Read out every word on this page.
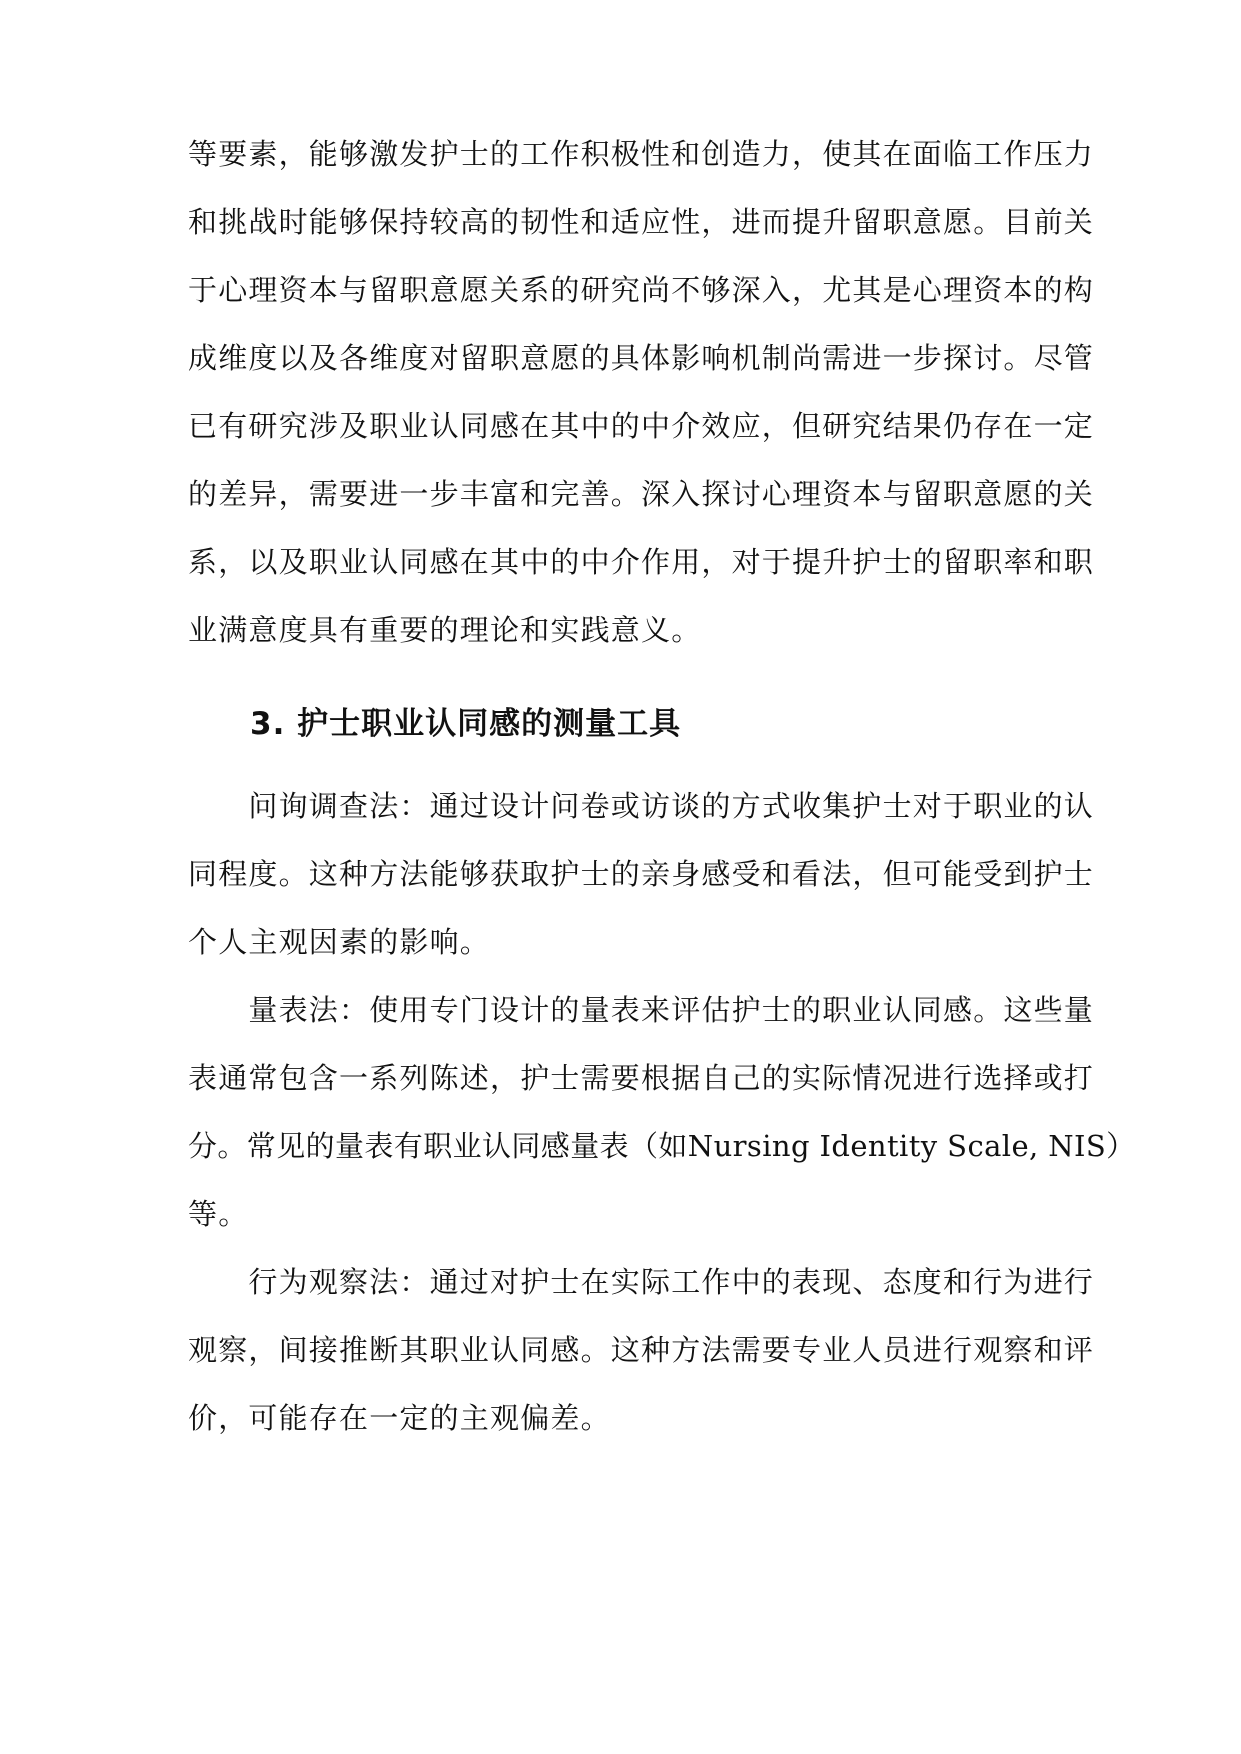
等要素，能够激发护士的工作积极性和创造力，使其在面临工作压力
和挑战时能够保持较高的韧性和适应性，进而提升留职意愿。目前关
于心理资本与留职意愿关系的研究尚不够深入，尤其是心理资本的构
成维度以及各维度对留职意愿的具体影响机制尚需进一步探讨。尽管
已有研究涉及职业认同感在其中的中介效应，但研究结果仍存在一定
的差异，需要进一步丰富和完善。深入探讨心理资本与留职意愿的关
系，以及职业认同感在其中的中介作用，对于提升护士的留职率和职
业满意度具有重要的理论和实践意义。
3. 护士职业认同感的测量工具
　　问询调查法：通过设计问卷或访谈的方式收集护士对于职业的认
同程度。这种方法能够获取护士的亲身感受和看法，但可能受到护士
个人主观因素的影响。
　　量表法：使用专门设计的量表来评估护士的职业认同感。这些量
表通常包含一系列陈述，护士需要根据自己的实际情况进行选择或打
分。常见的量表有职业认同感量表（如Nursing Identity Scale, NIS）
等。
　　行为观察法：通过对护士在实际工作中的表现、态度和行为进行
观察，间接推断其职业认同感。这种方法需要专业人员进行观察和评
价，可能存在一定的主观偏差。
